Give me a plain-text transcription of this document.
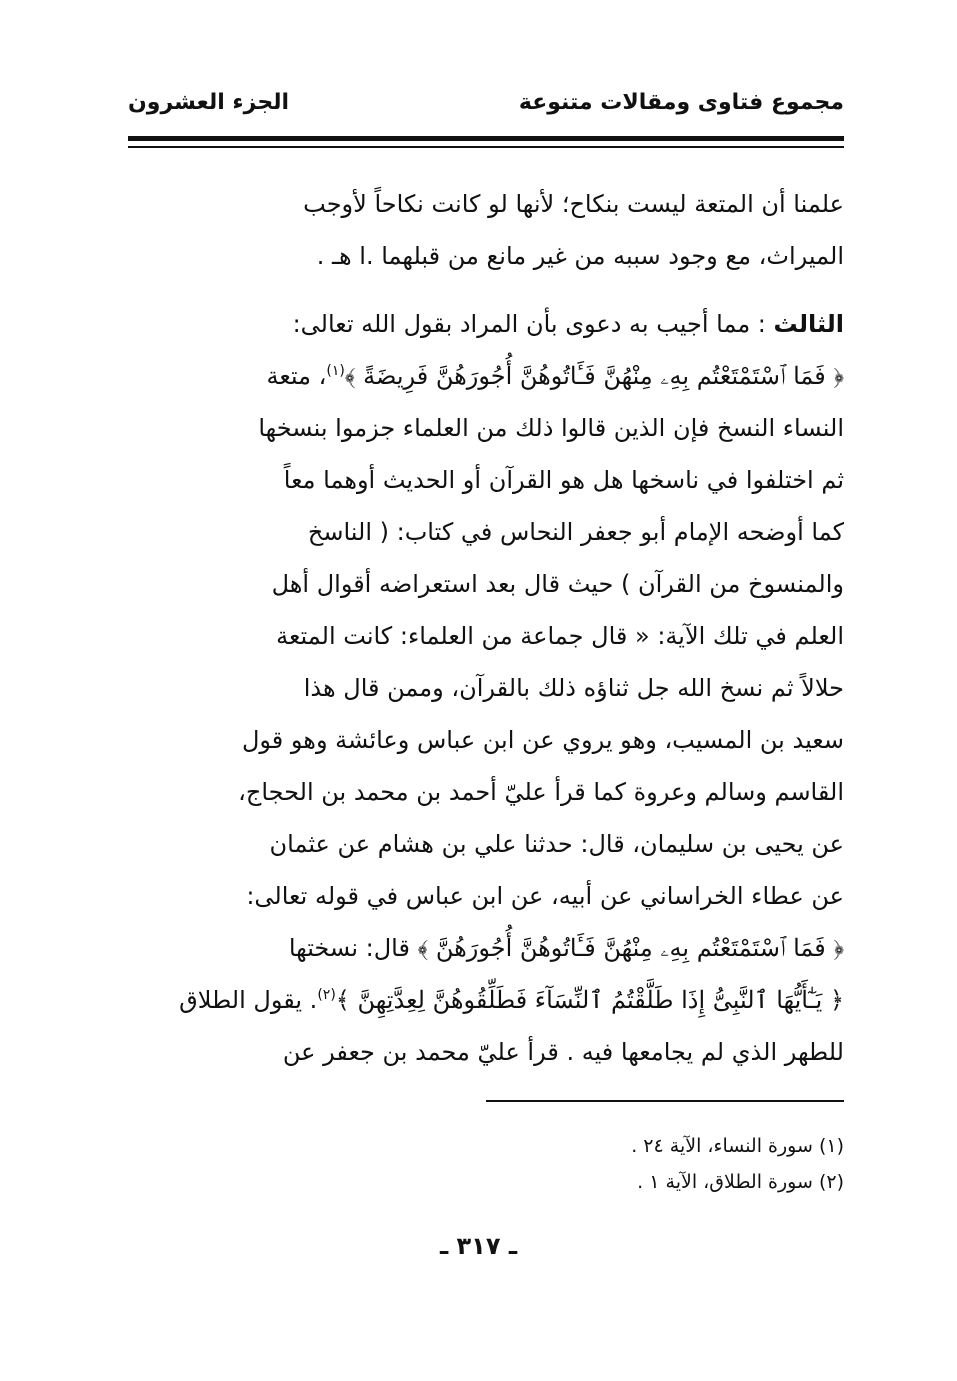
مجموع فتاوى ومقالات متنوعة
الجزء العشرون
علمنا أن المتعة ليست بنكاح؛ لأنها لو كانت نكاحاً لأوجب
الميراث، مع وجود سببه من غير مانع من قبلهما .ا هـ .
الثالث : مما أجيب به دعوى بأن المراد بقول الله تعالى:
﴿ فَمَا ٱسْتَمْتَعْتُم بِهِۦ مِنْهُنَّ فَـَٔاتُوهُنَّ أُجُورَهُنَّ فَرِيضَةً ﴾$^{(١)}$، متعة
النساء النسخ فإن الذين قالوا ذلك من العلماء جزموا بنسخها
ثم اختلفوا في ناسخها هل هو القرآن أو الحديث أوهما معاً
كما أوضحه الإمام أبو جعفر النحاس في كتاب: ( الناسخ
والمنسوخ من القرآن ) حيث قال بعد استعراضه أقوال أهل
العلم في تلك الآية: « قال جماعة من العلماء: كانت المتعة
حلالاً ثم نسخ الله جل ثناؤه ذلك بالقرآن، وممن قال هذا
سعيد بن المسيب، وهو يروي عن ابن عباس وعائشة وهو قول
القاسم وسالم وعروة كما قرأ عليّ أحمد بن محمد بن الحجاج،
عن يحيى بن سليمان، قال: حدثنا علي بن هشام عن عثمان
عن عطاء الخراساني عن أبيه، عن ابن عباس في قوله تعالى:
﴿ فَمَا ٱسْتَمْتَعْتُم بِهِۦ مِنْهُنَّ فَـَٔاتُوهُنَّ أُجُورَهُنَّ ﴾ قال: نسختها
﴿ يَـٰٓأَيُّهَا ٱلنَّبِىُّ إِذَا طَلَّقْتُمُ ٱلنِّسَآءَ فَطَلِّقُوهُنَّ لِعِدَّتِهِنَّ ﴾$^{(٢)}$. يقول الطلاق
للطهر الذي لم يجامعها فيه . قرأ عليّ محمد بن جعفر عن
(١) سورة النساء، الآية ٢٤ .
(٢) سورة الطلاق، الآية ١ .
ـ ٣١٧ ـ
